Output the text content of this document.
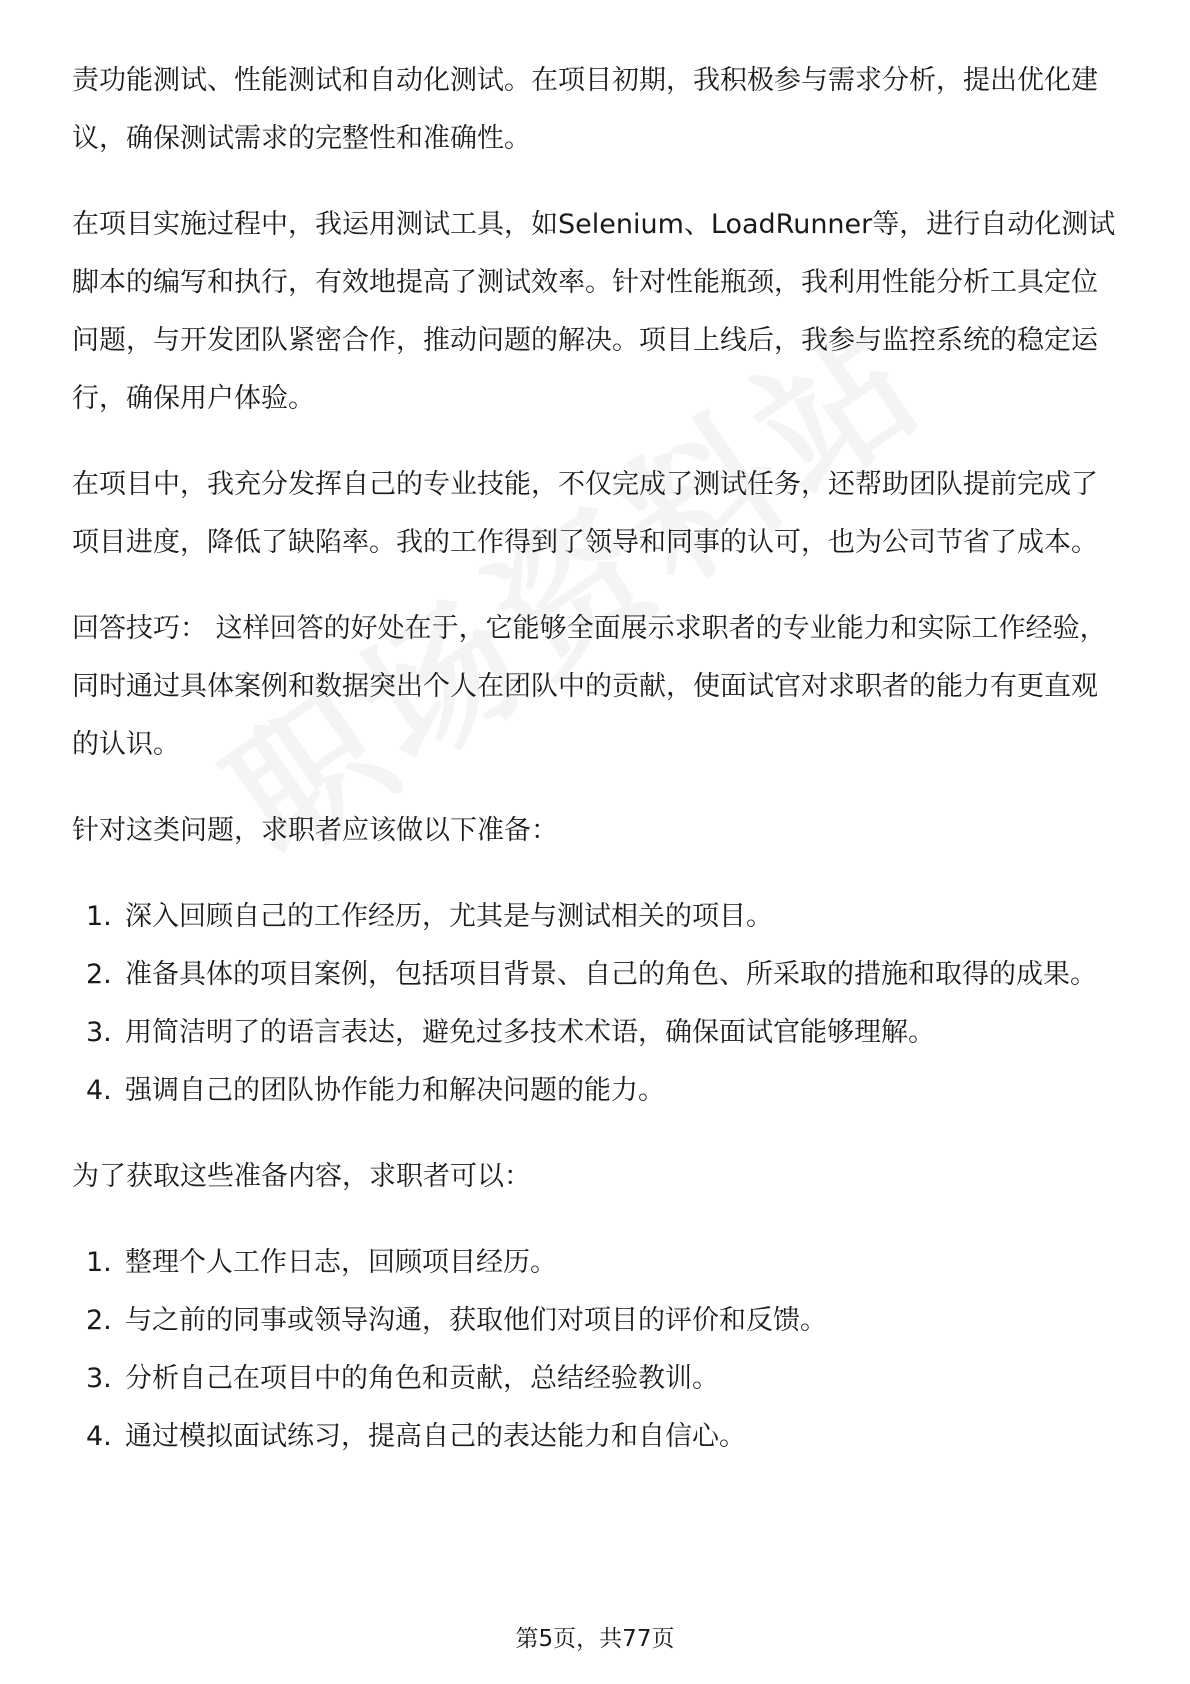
责功能测试、性能测试和自动化测试。在项目初期，我积极参与需求分析，提出优化建议，确保测试需求的完整性和准确性。

在项目实施过程中，我运用测试工具，如Selenium、LoadRunner等，进行自动化测试脚本的编写和执行，有效地提高了测试效率。针对性能瓶颈，我利用性能分析工具定位问题，与开发团队紧密合作，推动问题的解决。项目上线后，我参与监控系统的稳定运行，确保用户体验。

在项目中，我充分发挥自己的专业技能，不仅完成了测试任务，还帮助团队提前完成了项目进度，降低了缺陷率。我的工作得到了领导和同事的认可，也为公司节省了成本。

回答技巧： 这样回答的好处在于，它能够全面展示求职者的专业能力和实际工作经验，同时通过具体案例和数据突出个人在团队中的贡献，使面试官对求职者的能力有更直观的认识。

针对这类问题，求职者应该做以下准备：

1. 深入回顾自己的工作经历，尤其是与测试相关的项目。
2. 准备具体的项目案例，包括项目背景、自己的角色、所采取的措施和取得的成果。
3. 用简洁明了的语言表达，避免过多技术术语，确保面试官能够理解。
4. 强调自己的团队协作能力和解决问题的能力。

为了获取这些准备内容，求职者可以：

1. 整理个人工作日志，回顾项目经历。
2. 与之前的同事或领导沟通，获取他们对项目的评价和反馈。
3. 分析自己在项目中的角色和贡献，总结经验教训。
4. 通过模拟面试练习，提高自己的表达能力和自信心。
第5页，共77页
